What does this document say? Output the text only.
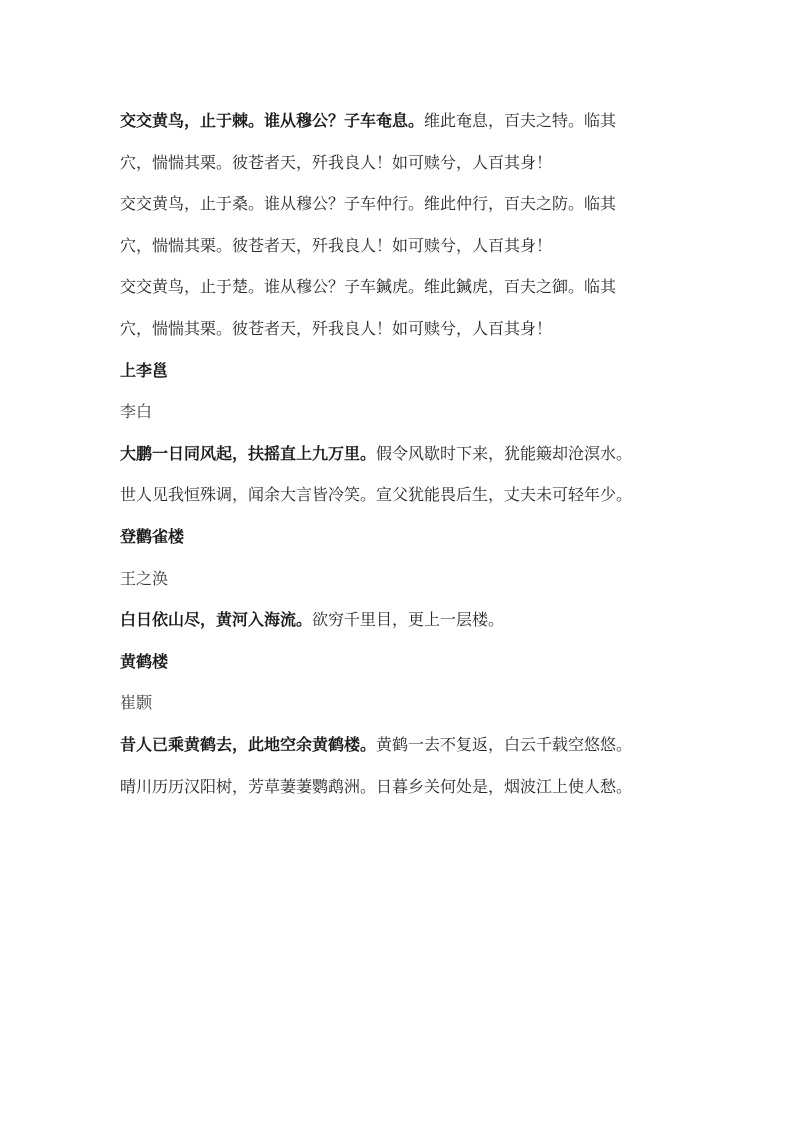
交交黄鸟，止于棘。谁从穆公？子车奄息。维此奄息，百夫之特。临其

穴，惴惴其栗。彼苍者天，歼我良人！如可赎兮，人百其身！

交交黄鸟，止于桑。谁从穆公？子车仲行。维此仲行，百夫之防。临其

穴，惴惴其栗。彼苍者天，歼我良人！如可赎兮，人百其身！

交交黄鸟，止于楚。谁从穆公？子车鍼虎。维此鍼虎，百夫之御。临其

穴，惴惴其栗。彼苍者天，歼我良人！如可赎兮，人百其身！

上李邕

李白

大鹏一日同风起，扶摇直上九万里。假令风歇时下来，犹能簸却沧溟水。

世人见我恒殊调，闻余大言皆冷笑。宣父犹能畏后生，丈夫未可轻年少。

登鹳雀楼

王之涣

白日依山尽，黄河入海流。欲穷千里目，更上一层楼。

黄鹤楼

崔颢

昔人已乘黄鹤去，此地空余黄鹤楼。黄鹤一去不复返，白云千载空悠悠。

晴川历历汉阳树，芳草萋萋鹦鹉洲。日暮乡关何处是，烟波江上使人愁。
